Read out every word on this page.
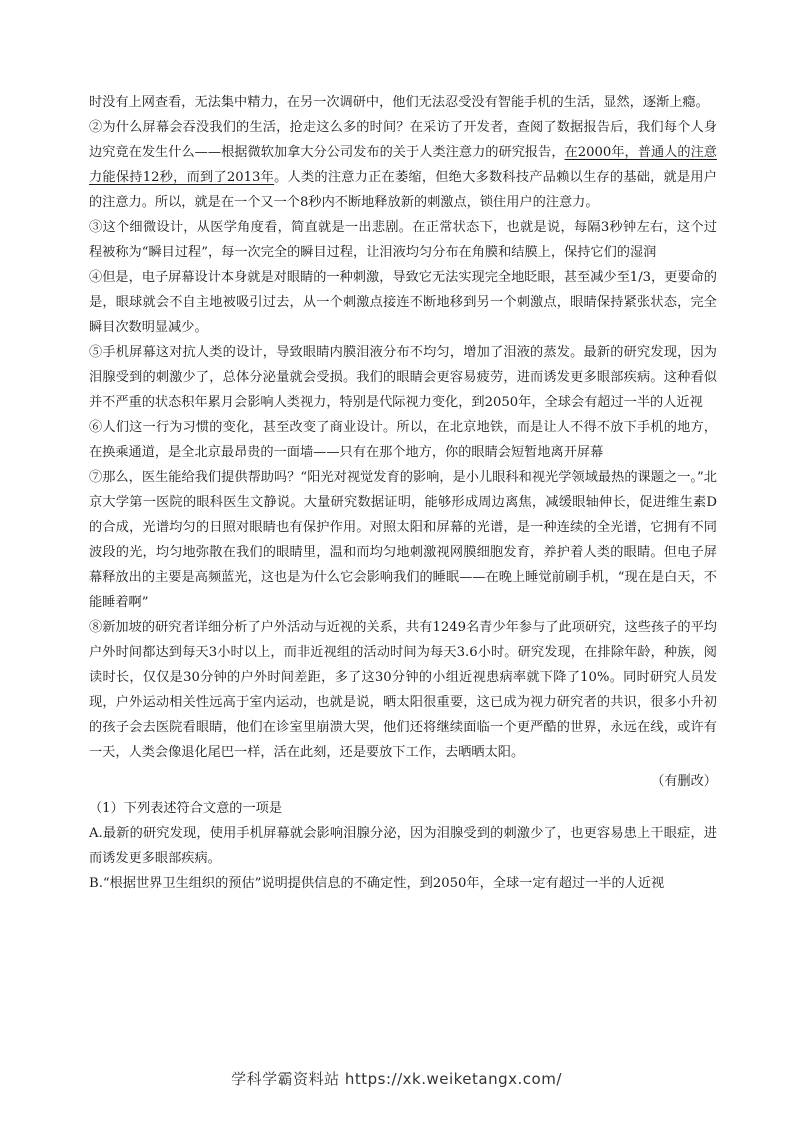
时没有上网查看，无法集中精力，在另一次调研中，他们无法忍受没有智能手机的生活，显然，逐渐上瘾。

②为什么屏幕会吞没我们的生活，抢走这么多的时间？在采访了开发者，查阅了数据报告后，我们每个人身边究竟在发生什么——根据微软加拿大分公司发布的关于人类注意力的研究报告，在2000年，普通人的注意力能保持12秒，而到了2013年。人类的注意力正在萎缩，但绝大多数科技产品赖以生存的基础，就是用户的注意力。所以，就是在一个又一个8秒内不断地释放新的刺激点，锁住用户的注意力。

③这个细微设计，从医学角度看，简直就是一出悲剧。在正常状态下，也就是说，每隔3秒钟左右，这个过程被称为“瞬目过程”，每一次完全的瞬目过程，让泪液均匀分布在角膜和结膜上，保持它们的湿润

④但是，电子屏幕设计本身就是对眼睛的一种刺激，导致它无法实现完全地眨眼，甚至减少至1/3，更要命的是，眼球就会不自主地被吸引过去，从一个刺激点接连不断地移到另一个刺激点，眼睛保持紧张状态，完全瞬目次数明显减少。

⑤手机屏幕这对抗人类的设计，导致眼睛内膜泪液分布不均匀，增加了泪液的蒸发。最新的研究发现，因为泪腺受到的刺激少了，总体分泌量就会受损。我们的眼睛会更容易疲劳，进而诱发更多眼部疾病。这种看似并不严重的状态积年累月会影响人类视力，特别是代际视力变化，到2050年，全球会有超过一半的人近视

⑥人们这一行为习惯的变化，甚至改变了商业设计。所以，在北京地铁，而是让人不得不放下手机的地方，在换乘通道，是全北京最昂贵的一面墙——只有在那个地方，你的眼睛会短暂地离开屏幕

⑦那么，医生能给我们提供帮助吗？“阳光对视觉发育的影响，是小儿眼科和视光学领域最热的课题之一。”北京大学第一医院的眼科医生文静说。大量研究数据证明，能够形成周边离焦，减缓眼轴伸长，促进维生素D的合成，光谱均匀的日照对眼睛也有保护作用。对照太阳和屏幕的光谱，是一种连续的全光谱，它拥有不同波段的光，均匀地弥散在我们的眼睛里，温和而均匀地刺激视网膜细胞发育，养护着人类的眼睛。但电子屏幕释放出的主要是高频蓝光，这也是为什么它会影响我们的睡眠——在晚上睡觉前刷手机，“现在是白天，不能睡着啊”

⑧新加坡的研究者详细分析了户外活动与近视的关系，共有1249名青少年参与了此项研究，这些孩子的平均户外时间都达到每天3小时以上，而非近视组的活动时间为每天3.6小时。研究发现，在排除年龄，种族，阅读时长，仅仅是30分钟的户外时间差距，多了这30分钟的小组近视患病率就下降了10%。同时研究人员发现，户外运动相关性远高于室内运动，也就是说，晒太阳很重要，这已成为视力研究者的共识，很多小升初的孩子会去医院看眼睛，他们在诊室里崩溃大哭，他们还将继续面临一个更严酷的世界，永远在线，或许有一天，人类会像退化尾巴一样，活在此刻，还是要放下工作，去晒晒太阳。

（有删改）

（1）下列表述符合文意的一项是

A.最新的研究发现，使用手机屏幕就会影响泪腺分泌，因为泪腺受到的刺激少了，也更容易患上干眼症，进而诱发更多眼部疾病。

B.“根据世界卫生组织的预估”说明提供信息的不确定性，到2050年，全球一定有超过一半的人近视

学科学霸资料站 https://xk.weiketangx.com/
